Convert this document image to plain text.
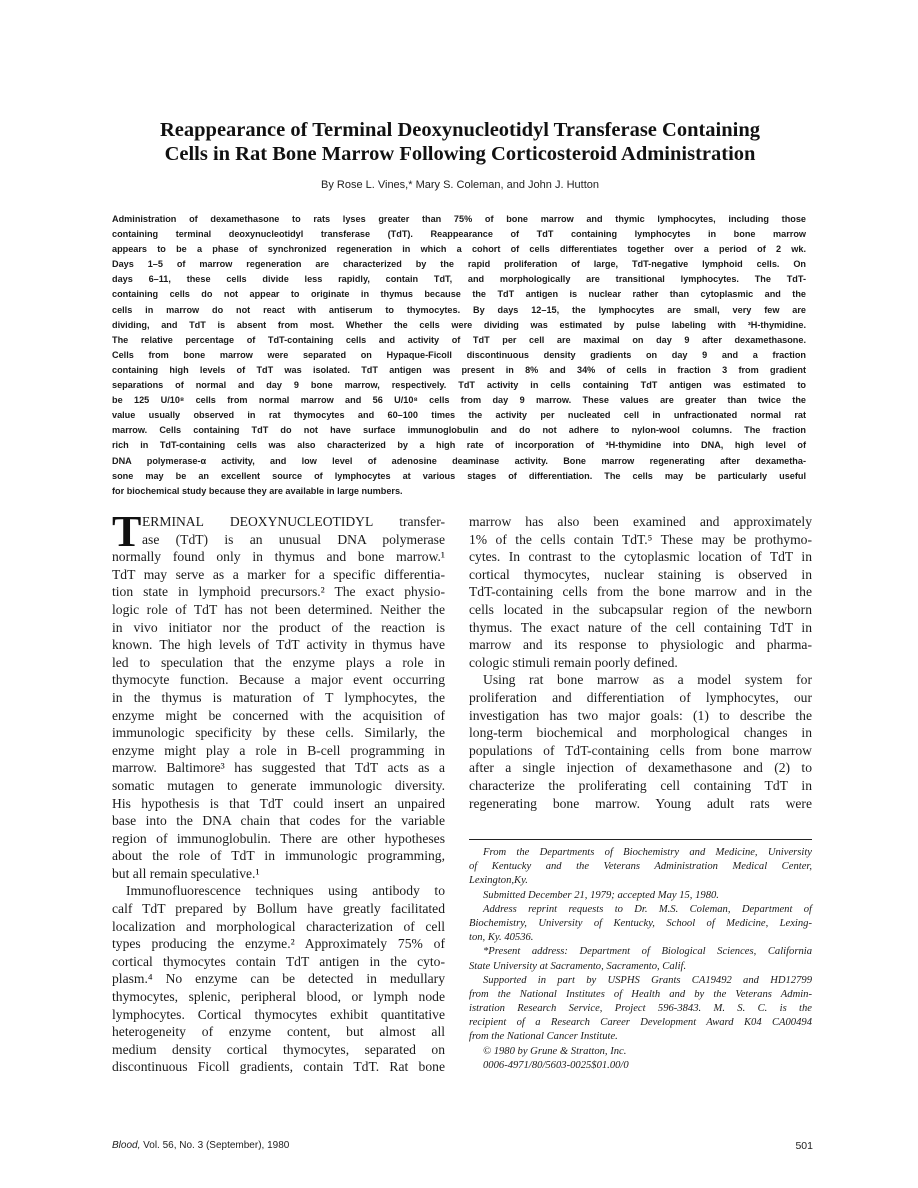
Reappearance of Terminal Deoxynucleotidyl Transferase Containing
Cells in Rat Bone Marrow Following Corticosteroid Administration
By Rose L. Vines,* Mary S. Coleman, and John J. Hutton
Administration of dexamethasone to rats lyses greater than 75% of bone marrow and thymic lymphocytes, including those
containing terminal deoxynucleotidyl transferase (TdT). Reappearance of TdT containing lymphocytes in bone marrow
appears to be a phase of synchronized regeneration in which a cohort of cells differentiates together over a period of 2 wk.
Days 1–5 of marrow regeneration are characterized by the rapid proliferation of large, TdT-negative lymphoid cells. On
days 6–11, these cells divide less rapidly, contain TdT, and morphologically are transitional lymphocytes. The TdT-
containing cells do not appear to originate in thymus because the TdT antigen is nuclear rather than cytoplasmic and the
cells in marrow do not react with antiserum to thymocytes. By days 12–15, the lymphocytes are small, very few are
dividing, and TdT is absent from most. Whether the cells were dividing was estimated by pulse labeling with ³H-thymidine.
The relative percentage of TdT-containing cells and activity of TdT per cell are maximal on day 9 after dexamethasone.
Cells from bone marrow were separated on Hypaque-Ficoll discontinuous density gradients on day 9 and a fraction
containing high levels of TdT was isolated. TdT antigen was present in 8% and 34% of cells in fraction 3 from gradient
separations of normal and day 9 bone marrow, respectively. TdT activity in cells containing TdT antigen was estimated to
be 125 U/10⁸ cells from normal marrow and 56 U/10⁸ cells from day 9 marrow. These values are greater than twice the
value usually observed in rat thymocytes and 60–100 times the activity per nucleated cell in unfractionated normal rat
marrow. Cells containing TdT do not have surface immunoglobulin and do not adhere to nylon-wool columns. The fraction
rich in TdT-containing cells was also characterized by a high rate of incorporation of ³H-thymidine into DNA, high level of
DNA polymerase-α activity, and low level of adenosine deaminase activity. Bone marrow regenerating after dexametha-
sone may be an excellent source of lymphocytes at various stages of differentiation. The cells may be particularly useful
for biochemical study because they are available in large numbers.
T ERMINAL DEOXYNUCLEOTIDYL transfer-
ase (TdT) is an unusual DNA polymerase
normally found only in thymus and bone marrow.¹
TdT may serve as a marker for a specific differentia-
tion state in lymphoid precursors.² The exact physio-
logic role of TdT has not been determined. Neither the
in vivo initiator nor the product of the reaction is
known. The high levels of TdT activity in thymus have
led to speculation that the enzyme plays a role in
thymocyte function. Because a major event occurring
in the thymus is maturation of T lymphocytes, the
enzyme might be concerned with the acquisition of
immunologic specificity by these cells. Similarly, the
enzyme might play a role in B-cell programming in
marrow. Baltimore³ has suggested that TdT acts as a
somatic mutagen to generate immunologic diversity.
His hypothesis is that TdT could insert an unpaired
base into the DNA chain that codes for the variable
region of immunoglobulin. There are other hypotheses
about the role of TdT in immunologic programming,
but all remain speculative.¹
Immunofluorescence techniques using antibody to
calf TdT prepared by Bollum have greatly facilitated
localization and morphological characterization of cell
types producing the enzyme.² Approximately 75% of
cortical thymocytes contain TdT antigen in the cyto-
plasm.⁴ No enzyme can be detected in medullary
thymocytes, splenic, peripheral blood, or lymph node
lymphocytes. Cortical thymocytes exhibit quantitative
heterogeneity of enzyme content, but almost all
medium density cortical thymocytes, separated on
discontinuous Ficoll gradients, contain TdT. Rat bone
marrow has also been examined and approximately
1% of the cells contain TdT.⁵ These may be prothymo-
cytes. In contrast to the cytoplasmic location of TdT in
cortical thymocytes, nuclear staining is observed in
TdT-containing cells from the bone marrow and in the
cells located in the subcapsular region of the newborn
thymus. The exact nature of the cell containing TdT in
marrow and its response to physiologic and pharma-
cologic stimuli remain poorly defined.
Using rat bone marrow as a model system for
proliferation and differentiation of lymphocytes, our
investigation has two major goals: (1) to describe the
long-term biochemical and morphological changes in
populations of TdT-containing cells from bone marrow
after a single injection of dexamethasone and (2) to
characterize the proliferating cell containing TdT in
regenerating bone marrow. Young adult rats were
From the Departments of Biochemistry and Medicine, University
of Kentucky and the Veterans Administration Medical Center,
Lexington,Ky.
Submitted December 21, 1979; accepted May 15, 1980.
Address reprint requests to Dr. M.S. Coleman, Department of
Biochemistry, University of Kentucky, School of Medicine, Lexing-
ton, Ky. 40536.
*Present address: Department of Biological Sciences, California
State University at Sacramento, Sacramento, Calif.
Supported in part by USPHS Grants CA19492 and HD12799
from the National Institutes of Health and by the Veterans Admin-
istration Research Service, Project 596-3843. M. S. C. is the
recipient of a Research Career Development Award K04 CA00494
from the National Cancer Institute.
© 1980 by Grune & Stratton, Inc.
0006-4971/80/5603-0025$01.00/0
Blood, Vol. 56, No. 3 (September), 1980	501
